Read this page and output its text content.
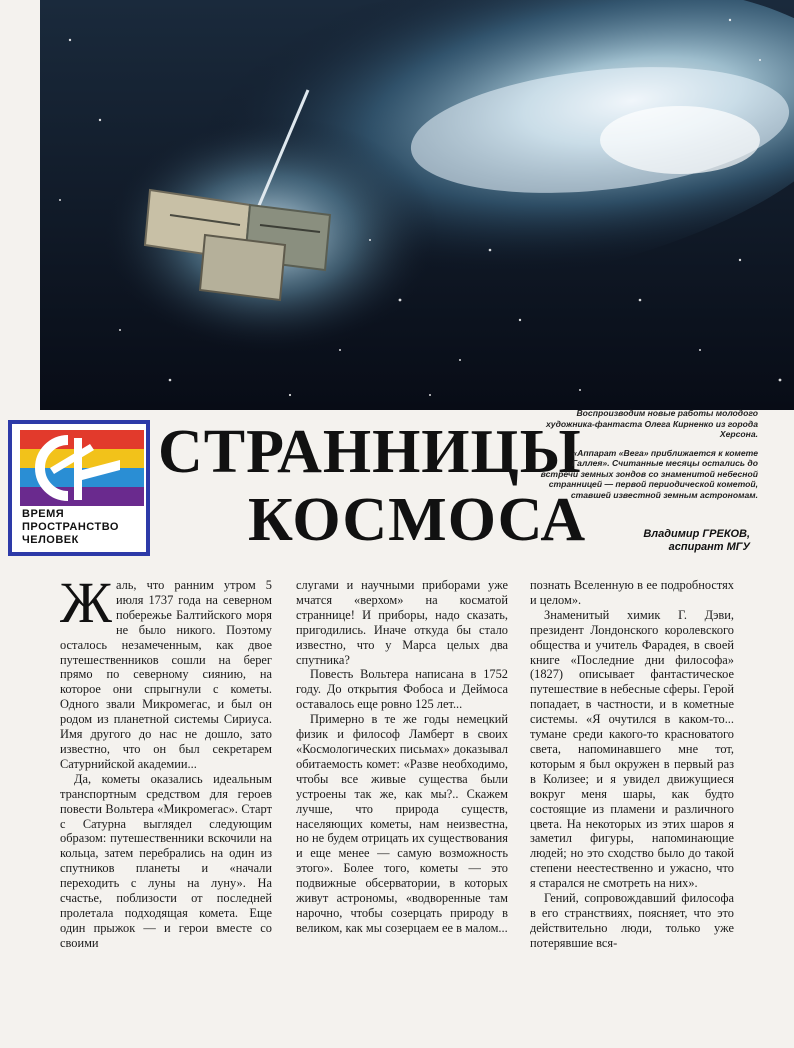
ВРЕМЯ
ПРОСТРАНСТВО
ЧЕЛОВЕК
СТРАННИЦЫ
КОСМОСА

Воспроизводим новые работы молодого художника-фантаста Олега Кирненко из города Херсона.

«Аппарат «Вега» приближается к комете Галлея». Считанные месяцы остались до встречи земных зондов со знаменитой небесной странницей — первой периодической кометой, ставшей известной земным астрономам.

Владимир ГРЕКОВ,
аспирант МГУ

Жаль, что ранним утром 5 июля 1737 года на северном побережье Балтийского моря не было никого. Поэтому осталось незамеченным, как двое путешественников сошли на берег прямо по северному сиянию, на которое они спрыгнули с кометы. Одного звали Микромегас, и был он родом из планетной системы Сириуса. Имя другого до нас не дошло, зато известно, что он был секретарем Сатурнийской академии...

Да, кометы оказались идеальным транспортным средством для героев повести Вольтера «Микромегас». Старт с Сатурна выглядел следующим образом: путешественники вскочили на кольца, затем перебрались на один из спутников планеты и «начали переходить с луны на луну». На счастье, поблизости от последней пролетала подходящая комета. Еще один прыжок — и герои вместе со своими

слугами и научными приборами уже мчатся «верхом» на косматой страннице! И приборы, надо сказать, пригодились. Иначе откуда бы стало известно, что у Марса целых два спутника?

Повесть Вольтера написана в 1752 году. До открытия Фобоса и Деймоса оставалось еще ровно 125 лет...

Примерно в те же годы немецкий физик и философ Ламберт в своих «Космологических письмах» доказывал обитаемость комет: «Разве необходимо, чтобы все живые существа были устроены так же, как мы?.. Скажем лучше, что природа существ, населяющих кометы, нам неизвестна, но не будем отрицать их существования и еще менее — самую возможность этого». Более того, кометы — это подвижные обсерватории, в которых живут астрономы, «водворенные там нарочно, чтобы созерцать природу в великом, как мы созерцаем ее в малом...

познать Вселенную в ее подробностях и целом».

Знаменитый химик Г. Дэви, президент Лондонского королевского общества и учитель Фарадея, в своей книге «Последние дни философа» (1827) описывает фантастическое путешествие в небесные сферы. Герой попадает, в частности, и в кометные системы. «Я очутился в каком-то... тумане среди какого-то красноватого света, напоминавшего мне тот, которым я был окружен в первый раз в Колизее; и я увидел движущиеся вокруг меня шары, как будто состоящие из пламени и различного цвета. На некоторых из этих шаров я заметил фигуры, напоминающие людей; но это сходство было до такой степени неестественно и ужасно, что я старался не смотреть на них».

Гений, сопровождавший философа в его странствиях, поясняет, что это действительно люди, только уже потерявшие вся-
